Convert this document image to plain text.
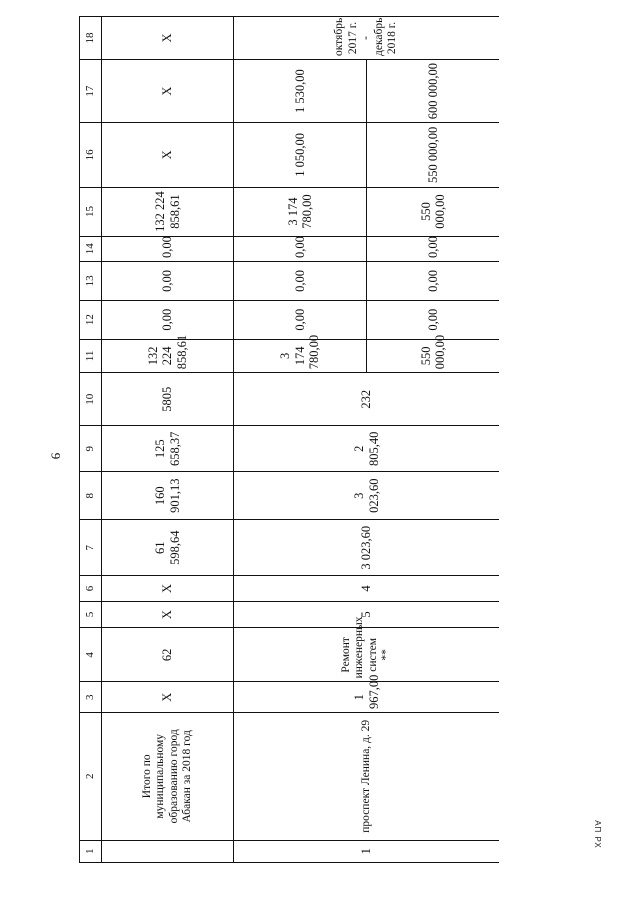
9
1	2	3	4	5	6	7	8	9	10	11	12	13	14	15	16	17	18
	Итого по муниципальному образованию город Абакан за 2018 год	X	62	X	X	61 598,64	160 901,13	125 658,37	5805	132 224 858,61	0,00	0,00	0,00	132 224 858,61	X	X	X
1	проспект Ленина, д. 29	1 967,00	Ремонт инженерных систем **	5	4	3 023,60	3 023,60	2 805,40	232	3 174 780,00	0,00	0,00	0,00	3 174 780,00	1 050,00	1 530,00	октябрь 2017 г. - декабрь 2018 г.
										550 000,00	0,00	0,00	0,00	550 000,00	550 000,00	600 000,00	
АП РХ
